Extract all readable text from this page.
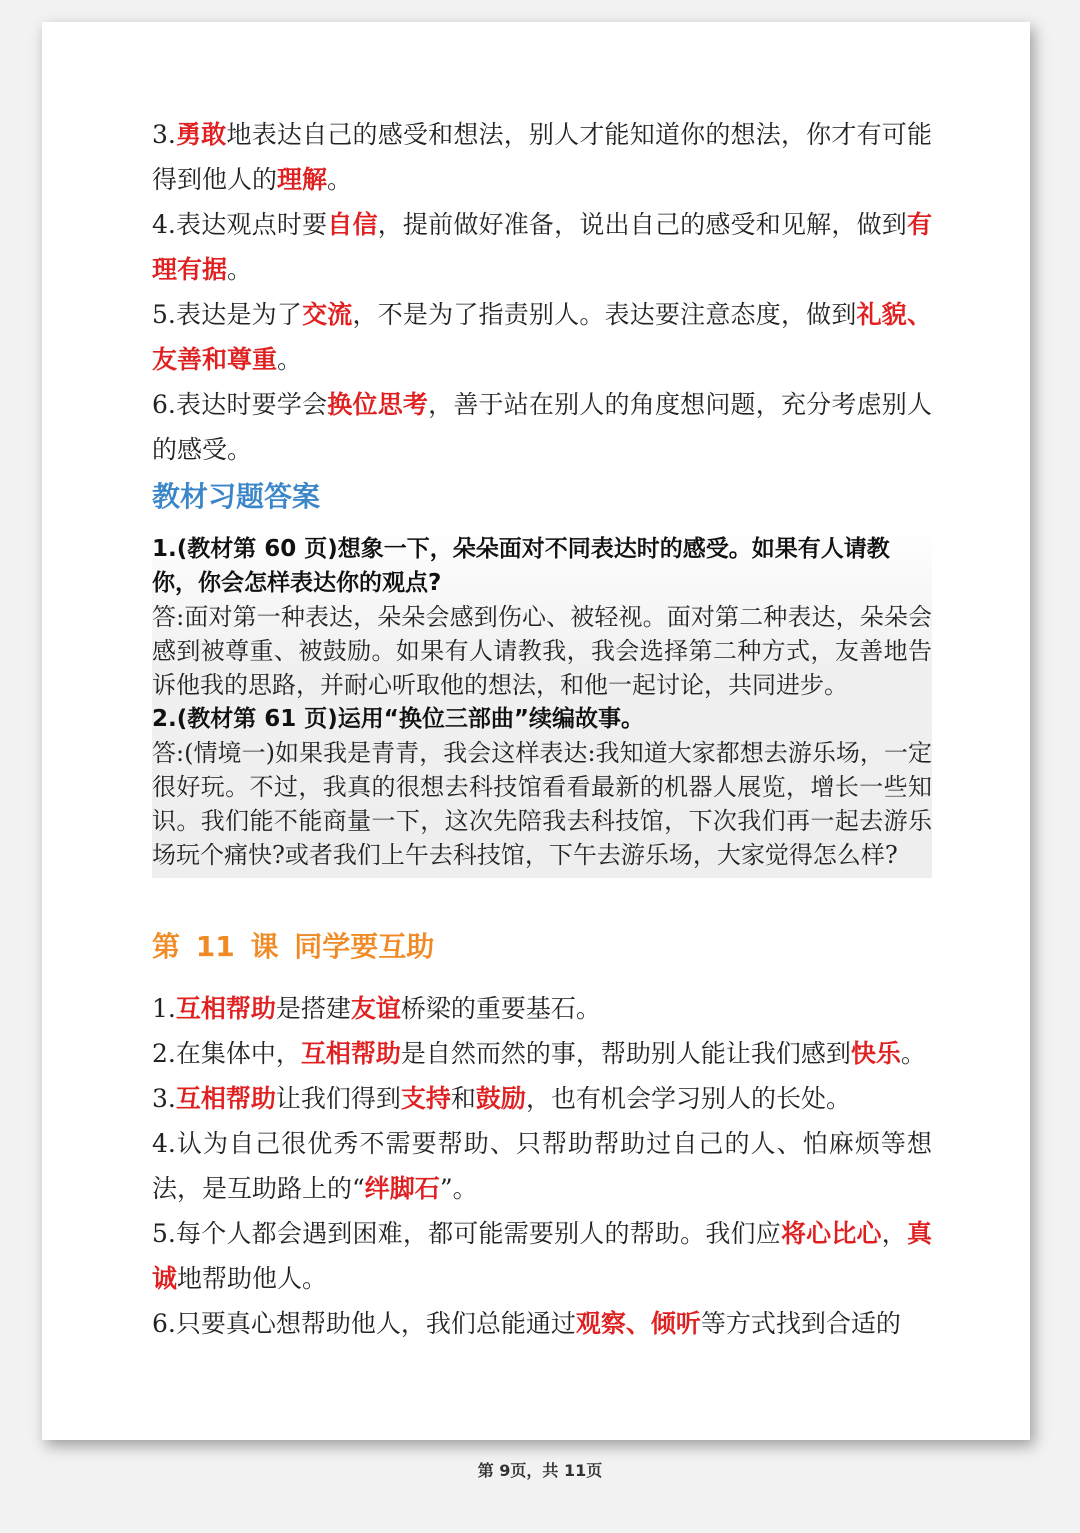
3.勇敢地表达自己的感受和想法，别人才能知道你的想法，你才有可能得到他人的理解。

4.表达观点时要自信，提前做好准备，说出自己的感受和见解，做到有理有据。

5.表达是为了交流，不是为了指责别人。表达要注意态度，做到礼貌、友善和尊重。

6.表达时要学会换位思考，善于站在别人的角度想问题，充分考虑别人的感受。

教材习题答案

1.(教材第 60 页)想象一下，朵朵面对不同表达时的感受。如果有人请教你，你会怎样表达你的观点?

答:面对第一种表达，朵朵会感到伤心、被轻视。面对第二种表达，朵朵会感到被尊重、被鼓励。如果有人请教我，我会选择第二种方式，友善地告诉他我的思路，并耐心听取他的想法，和他一起讨论，共同进步。

2.(教材第 61 页)运用“换位三部曲”续编故事。

答:(情境一)如果我是青青，我会这样表达:我知道大家都想去游乐场，一定很好玩。不过，我真的很想去科技馆看看最新的机器人展览，增长一些知识。我们能不能商量一下，这次先陪我去科技馆，下次我们再一起去游乐场玩个痛快?或者我们上午去科技馆，下午去游乐场，大家觉得怎么样?

第 11 课 同学要互助

1.互相帮助是搭建友谊桥梁的重要基石。

2.在集体中，互相帮助是自然而然的事，帮助别人能让我们感到快乐。

3.互相帮助让我们得到支持和鼓励，也有机会学习别人的长处。

4.认为自己很优秀不需要帮助、只帮助帮助过自己的人、怕麻烦等想法，是互助路上的“绊脚石”。

5.每个人都会遇到困难，都可能需要别人的帮助。我们应将心比心，真诚地帮助他人。

6.只要真心想帮助他人，我们总能通过观察、倾听等方式找到合适的

第 9页，共 11页
